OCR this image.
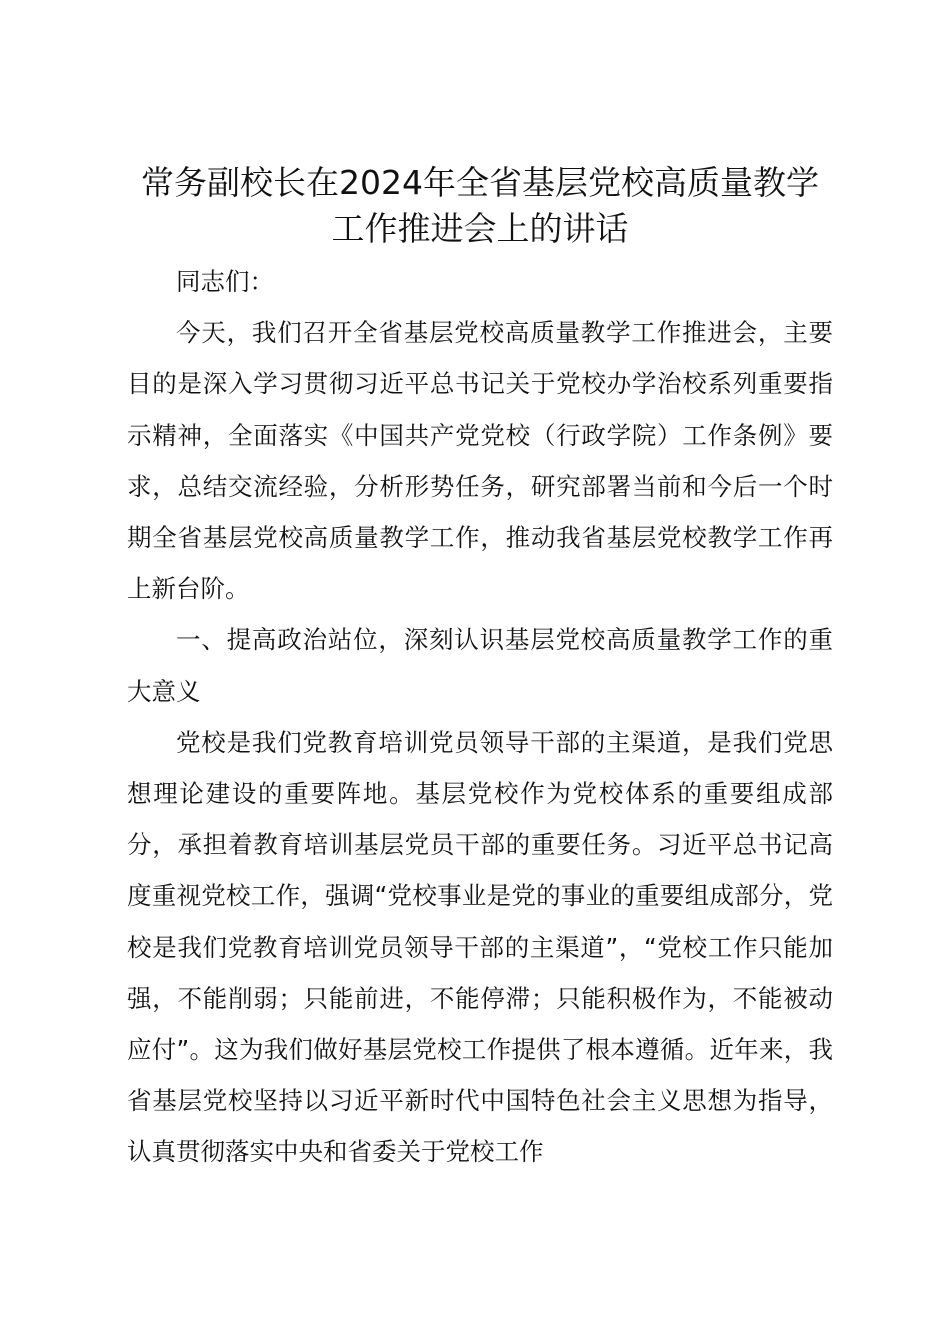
常务副校长在2024年全省基层党校高质量教学工作推进会上的讲话

同志们：

今天，我们召开全省基层党校高质量教学工作推进会，主要目的是深入学习贯彻习近平总书记关于党校办学治校系列重要指示精神，全面落实《中国共产党党校（行政学院）工作条例》要求，总结交流经验，分析形势任务，研究部署当前和今后一个时期全省基层党校高质量教学工作，推动我省基层党校教学工作再上新台阶。

一、提高政治站位，深刻认识基层党校高质量教学工作的重大意义

党校是我们党教育培训党员领导干部的主渠道，是我们党思想理论建设的重要阵地。基层党校作为党校体系的重要组成部分，承担着教育培训基层党员干部的重要任务。习近平总书记高度重视党校工作，强调“党校事业是党的事业的重要组成部分，党校是我们党教育培训党员领导干部的主渠道”，“党校工作只能加强，不能削弱；只能前进，不能停滞；只能积极作为，不能被动应付”。这为我们做好基层党校工作提供了根本遵循。近年来，我省基层党校坚持以习近平新时代中国特色社会主义思想为指导，认真贯彻落实中央和省委关于党校工作
